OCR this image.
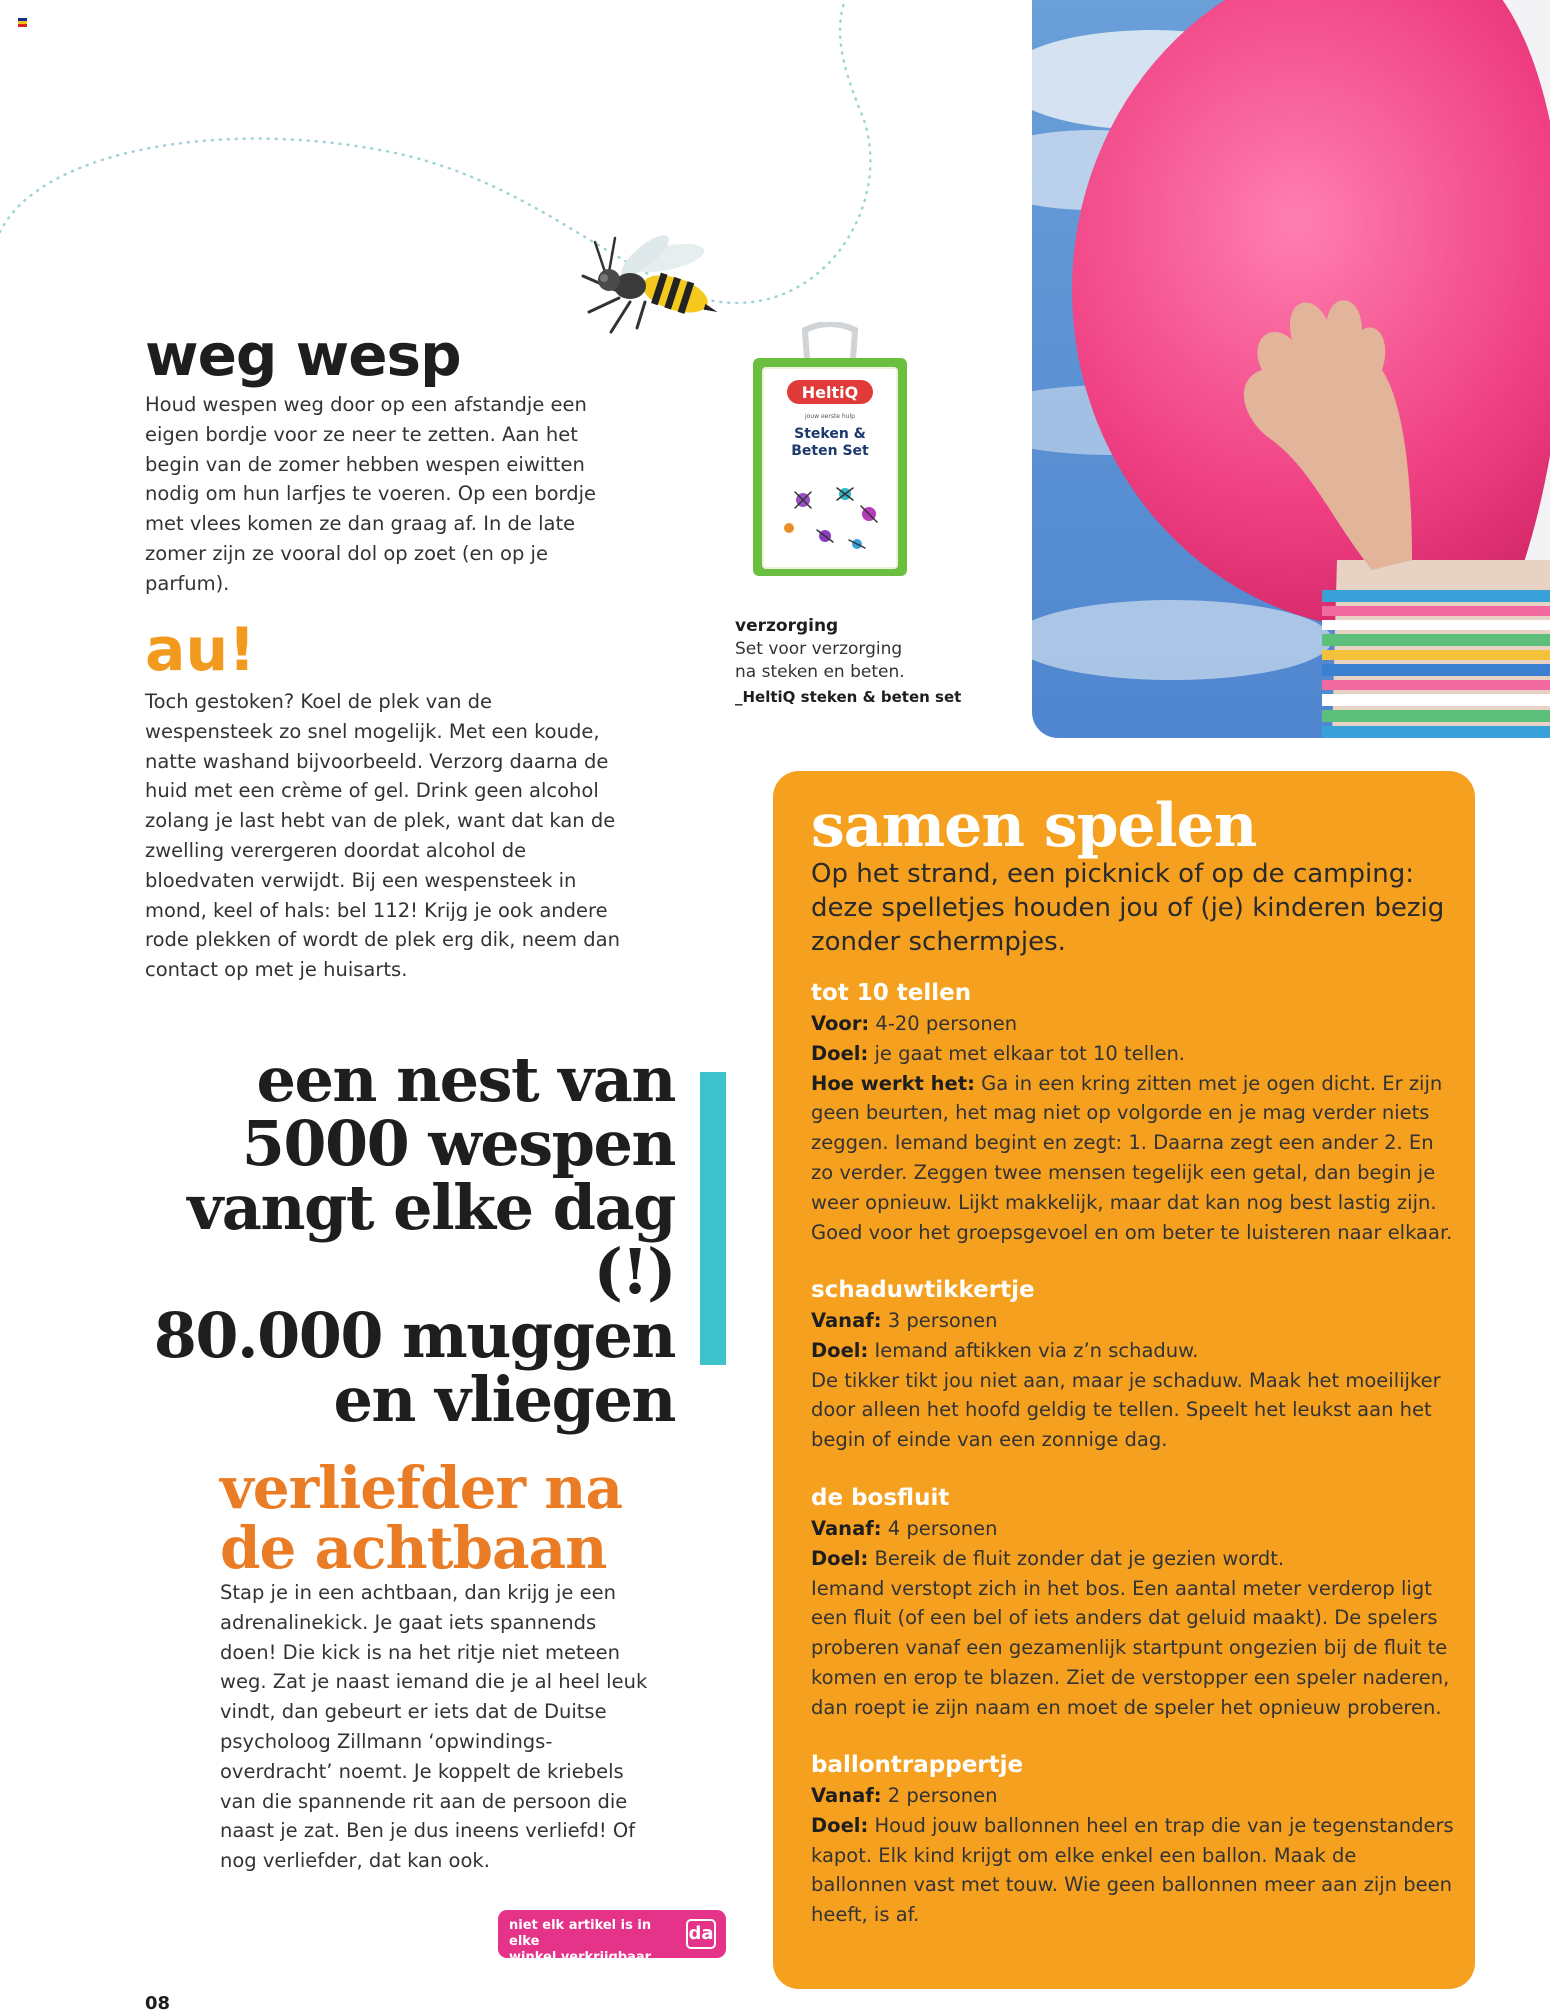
weg wesp

Houd wespen weg door op een afstandje een eigen bordje voor ze neer te zetten. Aan het begin van de zomer hebben wespen eiwitten nodig om hun larfjes te voeren. Op een bordje met vlees komen ze dan graag af. In de late zomer zijn ze vooral dol op zoet (en op je parfum).

au!

Toch gestoken? Koel de plek van de wespensteek zo snel mogelijk. Met een koude, natte washand bijvoorbeeld. Verzorg daarna de huid met een crème of gel. Drink geen alcohol zolang je last hebt van de plek, want dat kan de zwelling verergeren doordat alcohol de bloedvaten verwijdt. Bij een wespensteek in mond, keel of hals: bel 112! Krijg je ook andere rode plekken of wordt de plek erg dik, neem dan contact op met je huisarts.

HeltiQ
jouw eerste hulp
Steken &
Beten Set
verzorging
Set voor verzorging
na steken en beten.
_HeltiQ steken & beten set
een nest van
5000 wespen
vangt elke dag (!)
80.000 muggen
en vliegen
verliefder na
de achtbaan

Stap je in een achtbaan, dan krijg je een adrenalinekick. Je gaat iets spannends doen! Die kick is na het ritje niet meteen weg. Zat je naast iemand die je al heel leuk vindt, dan gebeurt er iets dat de Duitse psycholoog Zillmann ‘opwindings-overdracht’ noemt. Je koppelt de kriebels van die spannende rit aan de persoon die naast je zat. Ben je dus ineens verliefd! Of nog verliefder, dat kan ook.

niet elk artikel is in elke
winkel verkrijgbaar
da
08
samen spelen

Op het strand, een picknick of op de camping: deze spelletjes houden jou of (je) kinderen bezig zonder schermpjes.

tot 10 tellen

Voor: 4-20 personen

Doel: je gaat met elkaar tot 10 tellen.

Hoe werkt het: Ga in een kring zitten met je ogen dicht. Er zijn geen beurten, het mag niet op volgorde en je mag verder niets zeggen. Iemand begint en zegt: 1. Daarna zegt een ander 2. En zo verder. Zeggen twee mensen tegelijk een getal, dan begin je weer opnieuw. Lijkt makkelijk, maar dat kan nog best lastig zijn. Goed voor het groepsgevoel en om beter te luisteren naar elkaar.

schaduwtikkertje

Vanaf: 3 personen

Doel: Iemand aftikken via z’n schaduw.

De tikker tikt jou niet aan, maar je schaduw. Maak het moeilijker door alleen het hoofd geldig te tellen. Speelt het leukst aan het begin of einde van een zonnige dag.

de bosfluit

Vanaf: 4 personen

Doel: Bereik de fluit zonder dat je gezien wordt.

Iemand verstopt zich in het bos. Een aantal meter verderop ligt een fluit (of een bel of iets anders dat geluid maakt). De spelers proberen vanaf een gezamenlijk startpunt ongezien bij de fluit te komen en erop te blazen. Ziet de verstopper een speler naderen, dan roept ie zijn naam en moet de speler het opnieuw proberen.

ballontrappertje

Vanaf: 2 personen

Doel: Houd jouw ballonnen heel en trap die van je tegenstanders kapot. Elk kind krijgt om elke enkel een ballon. Maak de ballonnen vast met touw. Wie geen ballonnen meer aan zijn been heeft, is af.
